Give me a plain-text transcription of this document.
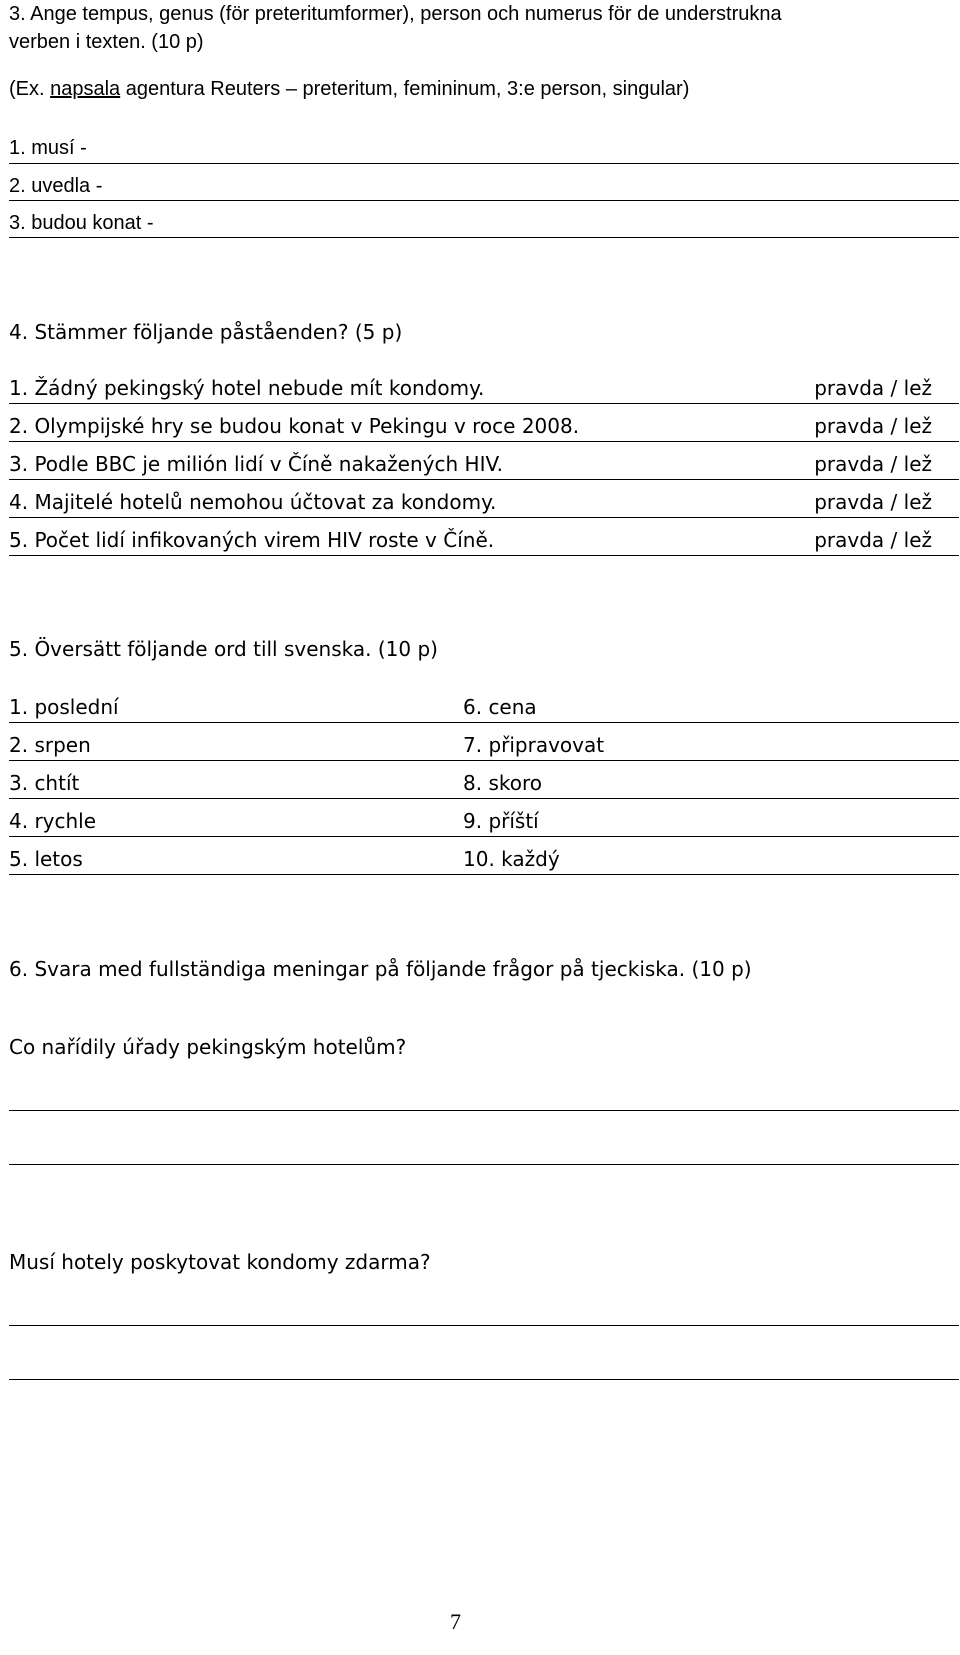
3. Ange tempus, genus (för preteritumformer), person och numerus för de understrukna
verben i texten. (10 p)
(Ex. napsala agentura Reuters – preteritum, femininum, 3:e person, singular)
1. musí -
2. uvedla -
3. budou konat -
4. Stämmer följande påståenden? (5 p)
1. Žádný pekingský hotel nebude mít kondomy.	pravda / lež
2. Olympijské hry se budou konat v Pekingu v roce 2008.	pravda / lež
3. Podle BBC je milión lidí v Číně nakažených HIV.	pravda / lež
4. Majitelé hotelů nemohou účtovat za kondomy.	pravda / lež
5. Počet lidí infikovaných virem HIV roste v Číně.	pravda / lež
5. Översätt följande ord till svenska. (10 p)
1. poslední	6. cena
2. srpen	7. připravovat
3. chtít	8. skoro
4. rychle	9. příští
5. letos	10. každý
6. Svara med fullständiga meningar på följande frågor på tjeckiska. (10 p)
Co nařídily úřady pekingským hotelům?
Musí hotely poskytovat kondomy zdarma?
7
